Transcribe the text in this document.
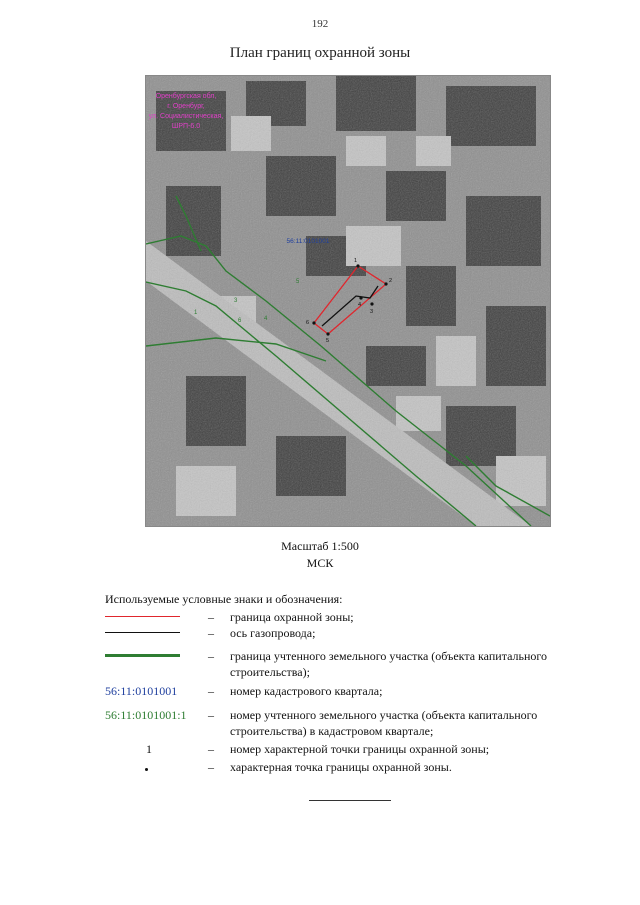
192
План границ охранной зоны
Оренбургская обл,
г. Оренбург,
ул. Социалистическая,
ШРП-6.0
56:11:0101001
1
3
4
5
6
1
2
3
4
5
6
Масштаб 1:500
МСК
Используемые условные знаки и обозначения:
–	граница охранной зоны;
–	ось газопровода;
–	граница учтенного земельного участка (объекта капитального строительства);
56:11:0101001	–	номер кадастрового квартала;
56:11:0101001:1	–	номер учтенного земельного участка (объекта капитального строительства) в кадастровом квартале;
1	–	номер характерной точки границы охранной зоны;
–	характерная точка границы охранной зоны.
